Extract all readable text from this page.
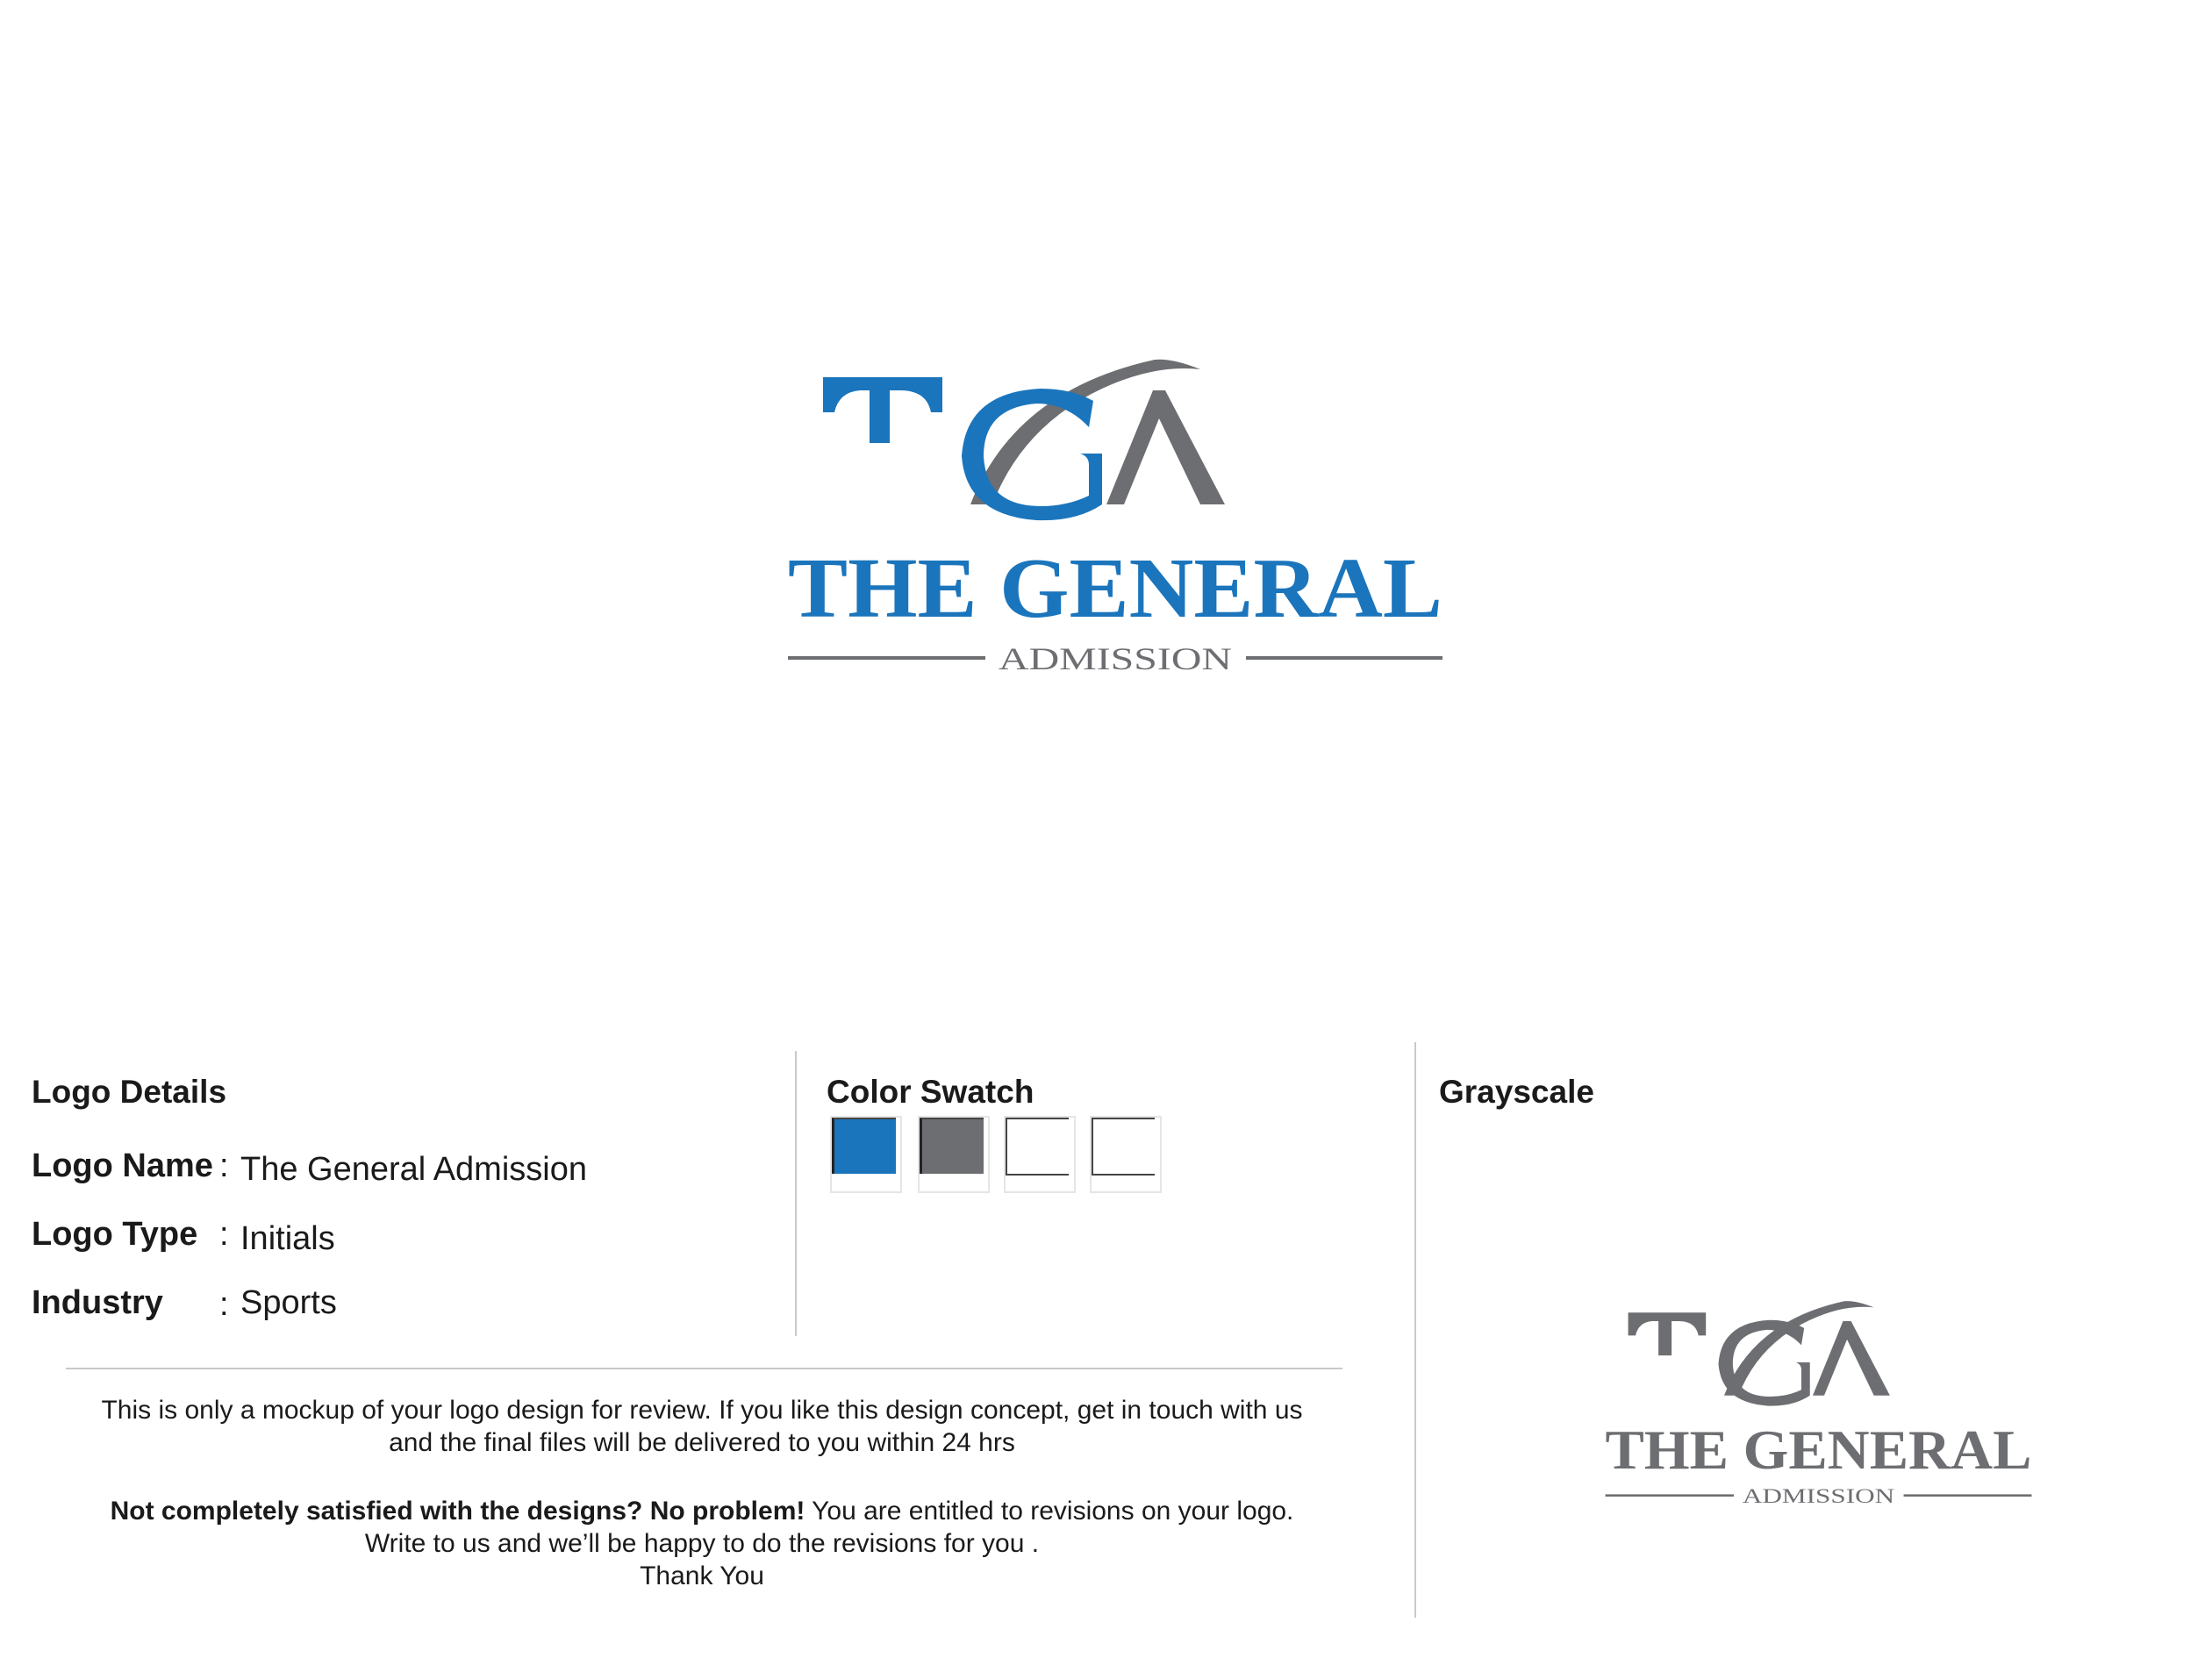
THE GENERAL
ADMISSION
Logo Details
Logo Name : The General Admission
Logo Type : Initials
Industry : Sports
Color Swatch	Grayscale
THE GENERAL
ADMISSION
This is only a mockup of your logo design for review. If you like this design concept, get in touch with us
and the final files will be delivered to you within 24 hrs
Not completely satisfied with the designs? No problem! You are entitled to revisions on your logo.
Write to us and we’ll be happy to do the revisions for you .
Thank You
